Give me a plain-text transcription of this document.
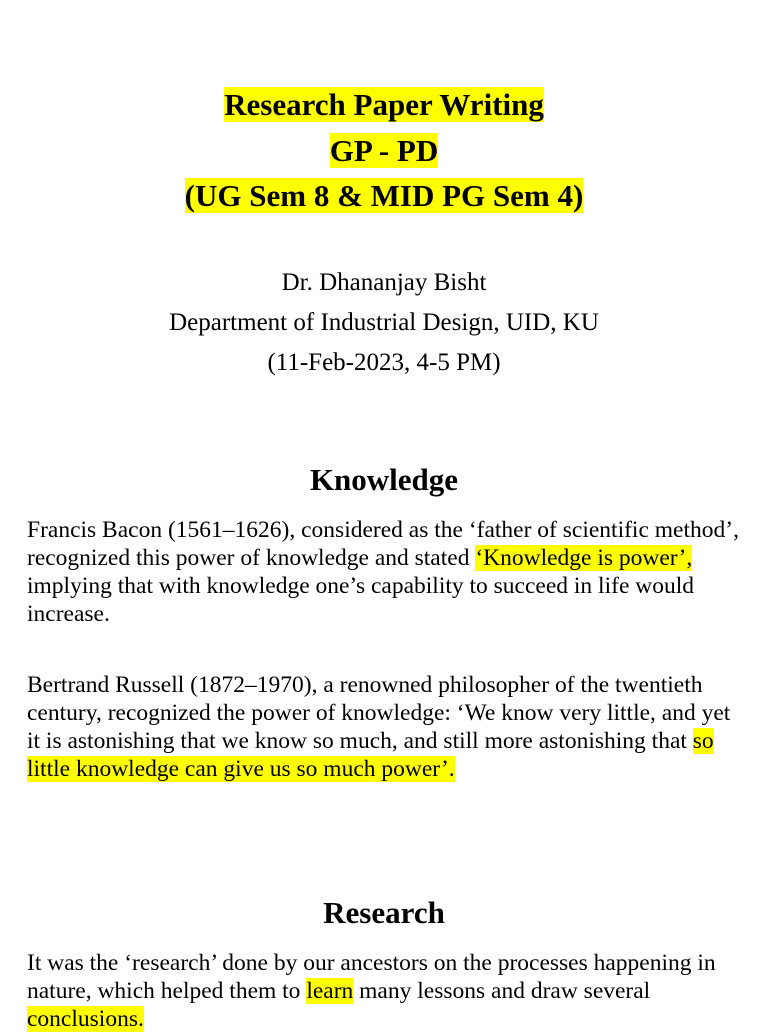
Research Paper Writing
GP - PD
(UG Sem 8 & MID PG Sem 4)
Dr. Dhananjay Bisht
Department of Industrial Design, UID, KU
(11-Feb-2023, 4-5 PM)
Knowledge
Francis Bacon (1561–1626), considered as the ‘father of scientific method’, recognized this power of knowledge and stated ‘Knowledge is power’, implying that with knowledge one’s capability to succeed in life would increase.
Bertrand Russell (1872–1970), a renowned philosopher of the twentieth century, recognized the power of knowledge: ‘We know very little, and yet it is astonishing that we know so much, and still more astonishing that so little knowledge can give us so much power’.
Research
It was the ‘research’ done by our ancestors on the processes happening in nature, which helped them to learn many lessons and draw several conclusions.
